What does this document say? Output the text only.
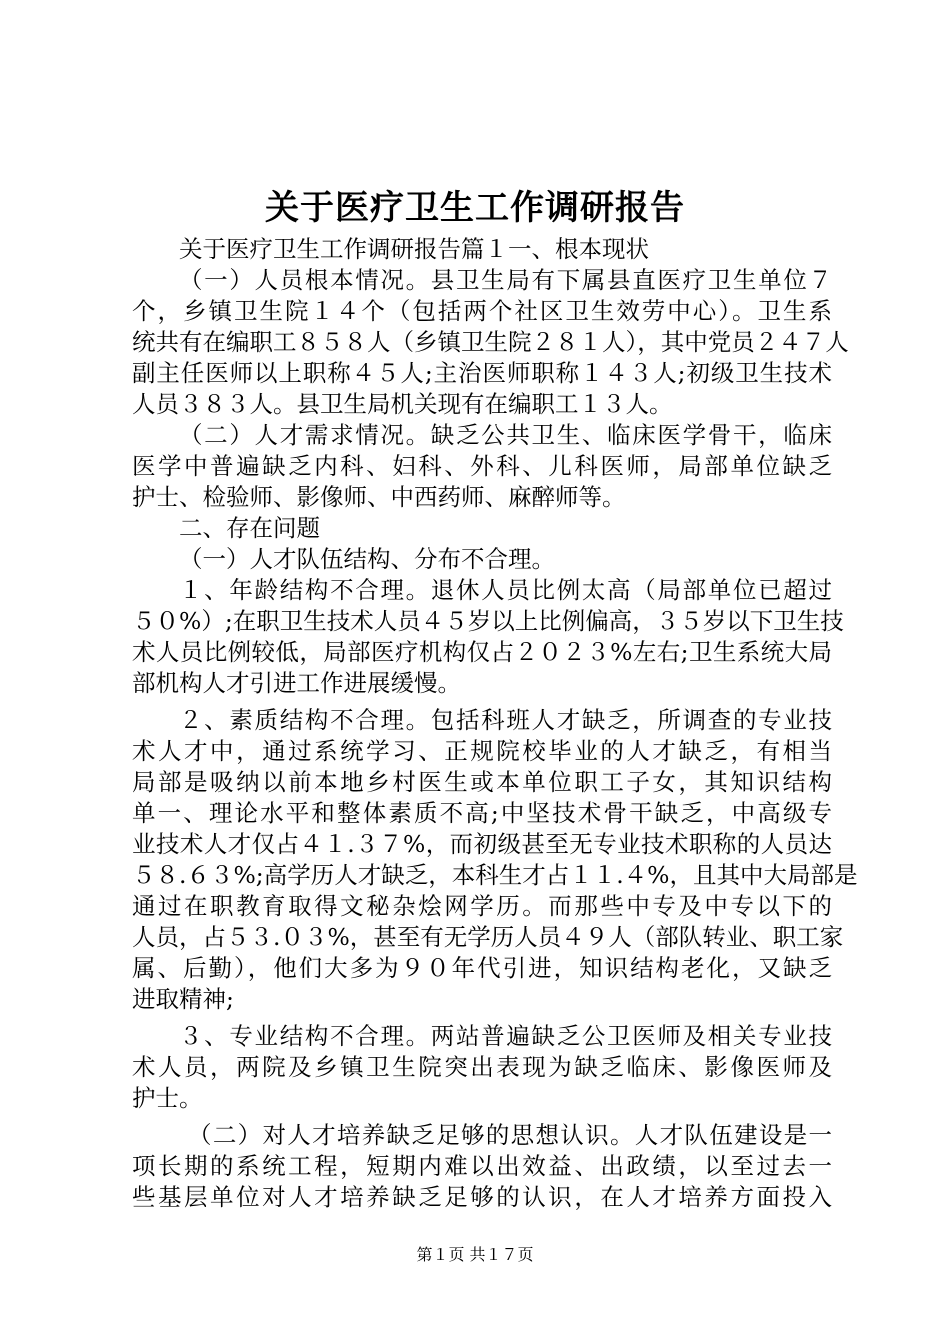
关于医疗卫生工作调研报告
关于医疗卫生工作调研报告篇１一、根本现状
（一）人员根本情况。县卫生局有下属县直医疗卫生单位７
个，乡镇卫生院１４个（包括两个社区卫生效劳中心）。卫生系
统共有在编职工８５８人（乡镇卫生院２８１人），其中党员２４７人
副主任医师以上职称４５人;主治医师职称１４３人;初级卫生技术
人员３８３人。县卫生局机关现有在编职工１３人。
（二）人才需求情况。缺乏公共卫生、临床医学骨干，临床
医学中普遍缺乏内科、妇科、外科、儿科医师，局部单位缺乏
护士、检验师、影像师、中西药师、麻醉师等。
二、存在问题
（一）人才队伍结构、分布不合理。
１、年龄结构不合理。退休人员比例太高（局部单位已超过
５０%）;在职卫生技术人员４５岁以上比例偏高，３５岁以下卫生技
术人员比例较低，局部医疗机构仅占２０２３%左右;卫生系统大局
部机构人才引进工作进展缓慢。
２、素质结构不合理。包括科班人才缺乏，所调查的专业技
术人才中，通过系统学习、正规院校毕业的人才缺乏，有相当
局部是吸纳以前本地乡村医生或本单位职工子女，其知识结构
单一、理论水平和整体素质不高;中坚技术骨干缺乏，中高级专
业技术人才仅占４１.３７%，而初级甚至无专业技术职称的人员达
５８.６３%;高学历人才缺乏，本科生才占１１.４%，且其中大局部是
通过在职教育取得文秘杂烩网学历。而那些中专及中专以下的
人员，占５３.０３%，甚至有无学历人员４９人（部队转业、职工家
属、后勤），他们大多为９０年代引进，知识结构老化，又缺乏
进取精神;
３、专业结构不合理。两站普遍缺乏公卫医师及相关专业技
术人员，两院及乡镇卫生院突出表现为缺乏临床、影像医师及
护士。
（二）对人才培养缺乏足够的思想认识。人才队伍建设是一
项长期的系统工程，短期内难以出效益、出政绩，以至过去一
些基层单位对人才培养缺乏足够的认识，在人才培养方面投入
第１页 共１７页
